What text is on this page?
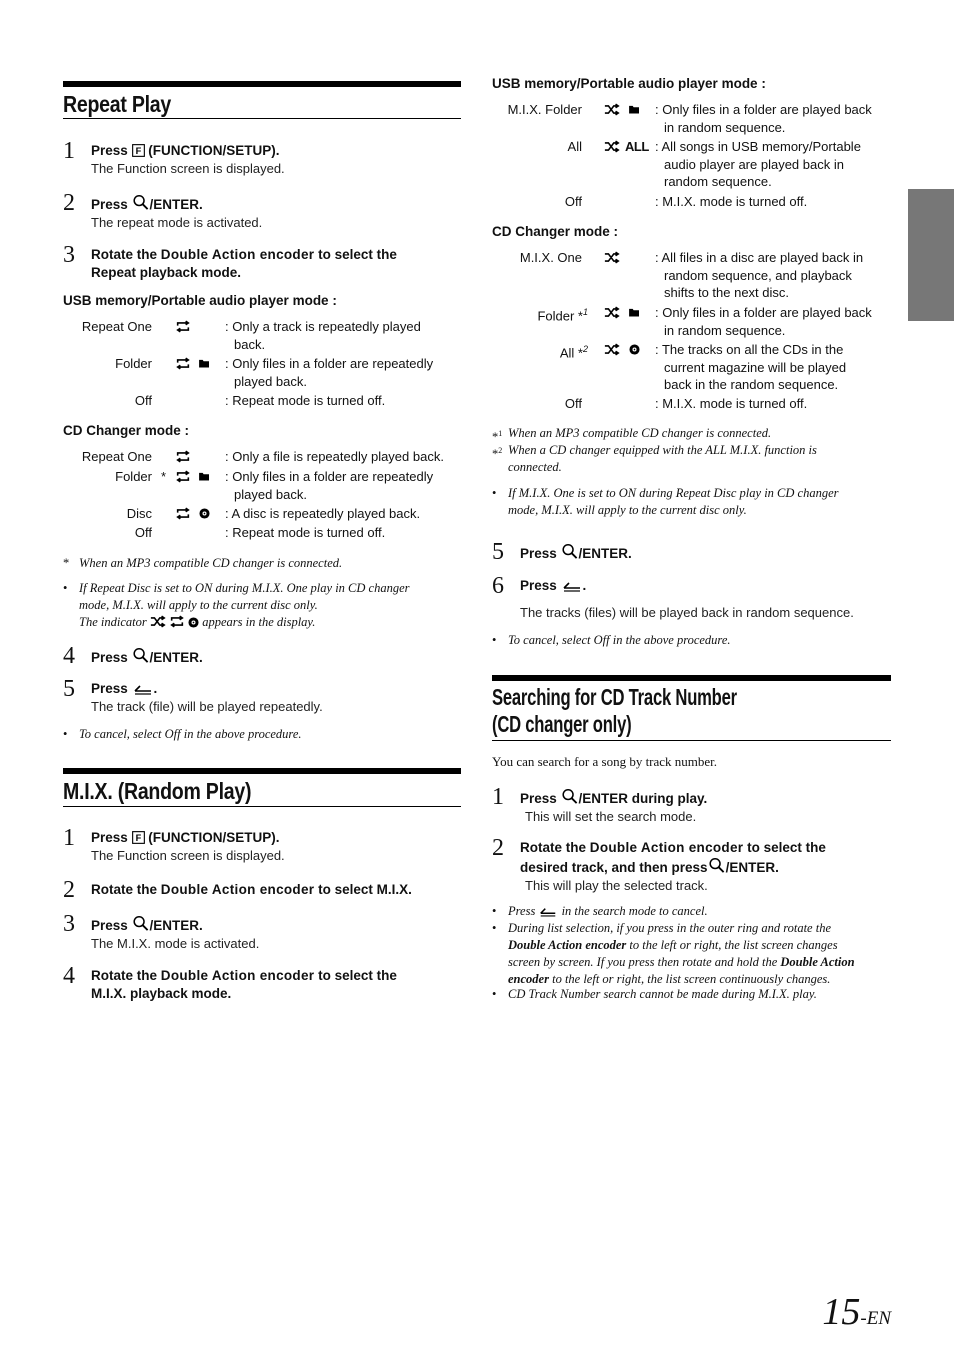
Repeat Play
1 Press  (FUNCTION/SETUP).
The Function screen is displayed.
2 Press /ENTER.
The repeat mode is activated.
3 Rotate the Double Action encoder to select the
Repeat playback mode.
USB memory/Portable audio player mode :
Repeat One	: Only a track is repeatedly played
back.
Folder	: Only files in a folder are repeatedly
played back.
Off	: Repeat mode is turned off.
CD Changer mode :
Repeat One	: Only a file is repeatedly played back.
Folder *	: Only files in a folder are repeatedly
played back.
Disc	: A disc is repeatedly played back.
Off	: Repeat mode is turned off.
* When an MP3 compatible CD changer is connected.
• If Repeat Disc is set to ON during M.I.X. One play in CD changer
mode, M.I.X. will apply to the current disc only.
The indicator	appears in the display.
4 Press /ENTER.
5 Press .
The track (file) will be played repeatedly.
• To cancel, select Off in the above procedure.
M.I.X. (Random Play)
1 Press  (FUNCTION/SETUP).
The Function screen is displayed.
2 Rotate the Double Action encoder to select M.I.X.
3 Press /ENTER.
The M.I.X. mode is activated.
4 Rotate the Double Action encoder to select the
M.I.X. playback mode.
USB memory/Portable audio player mode :
M.I.X. Folder	: Only files in a folder are played back
in random sequence.
All	ALL : All songs in USB memory/Portable
audio player are played back in
random sequence.
Off	: M.I.X. mode is turned off.
CD Changer mode :
M.I.X. One	: All files in a disc are played back in
random sequence, and playback
shifts to the next disc.
Folder *$^1$	: Only files in a folder are played back
in random sequence.
All *$^2$	: The tracks on all the CDs in the
current magazine will be played
back in the random sequence.
Off	: M.I.X. mode is turned off.
*$^1$ When an MP3 compatible CD changer is connected.
*$^2$ When a CD changer equipped with the ALL M.I.X. function is
connected.
• If M.I.X. One is set to ON during Repeat Disc play in CD changer
mode, M.I.X. will apply to the current disc only.
5 Press /ENTER.
6 Press .
The tracks (files) will be played back in random sequence.
• To cancel, select Off in the above procedure.
Searching for CD Track Number
(CD changer only)
You can search for a song by track number.
1 Press /ENTER during play.
This will set the search mode.
2 Rotate the Double Action encoder to select the
desired track, and then press /ENTER.
This will play the selected track.
• Press in the search mode to cancel.
• During list selection, if you press in the outer ring and rotate the
Double Action encoder to the left or right, the list screen changes
screen by screen. If you press then rotate and hold the Double Action
encoder to the left or right, the list screen continuously changes.
• CD Track Number search cannot be made during M.I.X. play.
15-EN
